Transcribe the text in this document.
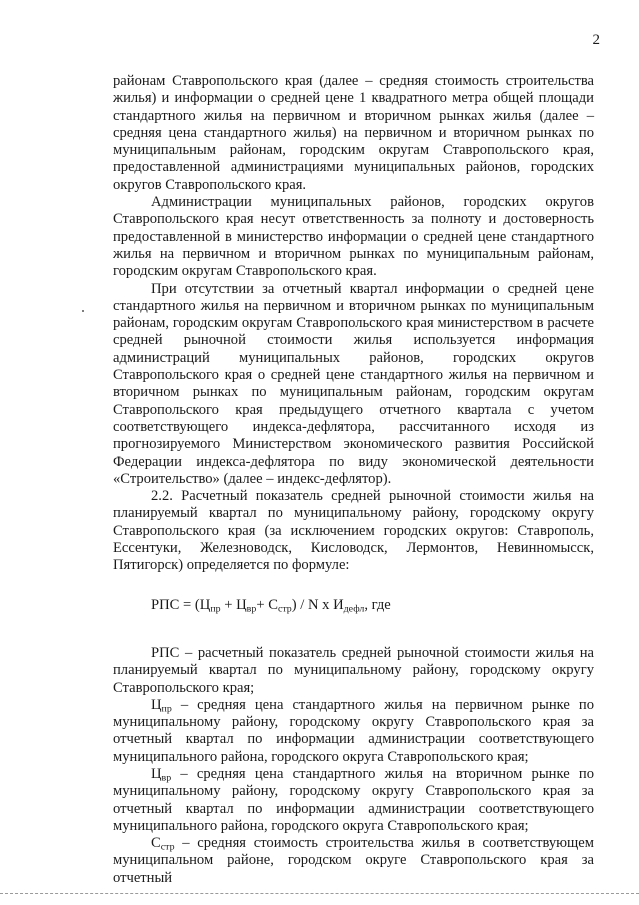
2

районам Ставропольского края (далее – средняя стоимость строительства жилья) и информации о средней цене 1 квадратного метра общей площади стандартного жилья на первичном и вторичном рынках жилья (далее – средняя цена стандартного жилья) на первичном и вторичном рынках по муниципальным районам, городским округам Ставропольского края, предоставленной администрациями муниципальных районов, городских округов Ставропольского края.

Администрации муниципальных районов, городских округов Ставропольского края несут ответственность за полноту и достоверность предоставленной в министерство информации о средней цене стандартного жилья на первичном и вторичном рынках по муниципальным районам, городским округам Ставропольского края.

При отсутствии за отчетный квартал информации о средней цене стандартного жилья на первичном и вторичном рынках по муниципальным районам, городским округам Ставропольского края министерством в расчете средней рыночной стоимости жилья используется информация администраций муниципальных районов, городских округов Ставропольского края о средней цене стандартного жилья на первичном и вторичном рынках по муниципальным районам, городским округам Ставропольского края предыдущего отчетного квартала с учетом соответствующего индекса-дефлятора, рассчитанного исходя из прогнозируемого Министерством экономического развития Российской Федерации индекса-дефлятора по виду экономической деятельности «Строительство» (далее – индекс-дефлятор).

2.2. Расчетный показатель средней рыночной стоимости жилья на планируемый квартал по муниципальному району, городскому округу Ставропольского края (за исключением городских округов: Ставрополь, Ессентуки, Железноводск, Кисловодск, Лермонтов, Невинномысск, Пятигорск) определяется по формуле:

РПС = $(Ц_{пр} + Ц_{вр}+ С_{стр}) / N$ x $И_{дефл}$, где

РПС – расчетный показатель средней рыночной стоимости жилья на планируемый квартал по муниципальному району, городскому округу Ставропольского края;

$Ц_{пр}$ – средняя цена стандартного жилья на первичном рынке по муниципальному району, городскому округу Ставропольского края за отчетный квартал по информации администрации соответствующего муниципального района, городского округа Ставропольского края;

$Ц_{вр}$ – средняя цена стандартного жилья на вторичном рынке по муниципальному району, городскому округу Ставропольского края за отчетный квартал по информации администрации соответствующего муниципального района, городского округа Ставропольского края;

$С_{стр}$ – средняя стоимость строительства жилья в соответствующем муниципальном районе, городском округе Ставропольского края за отчетный
